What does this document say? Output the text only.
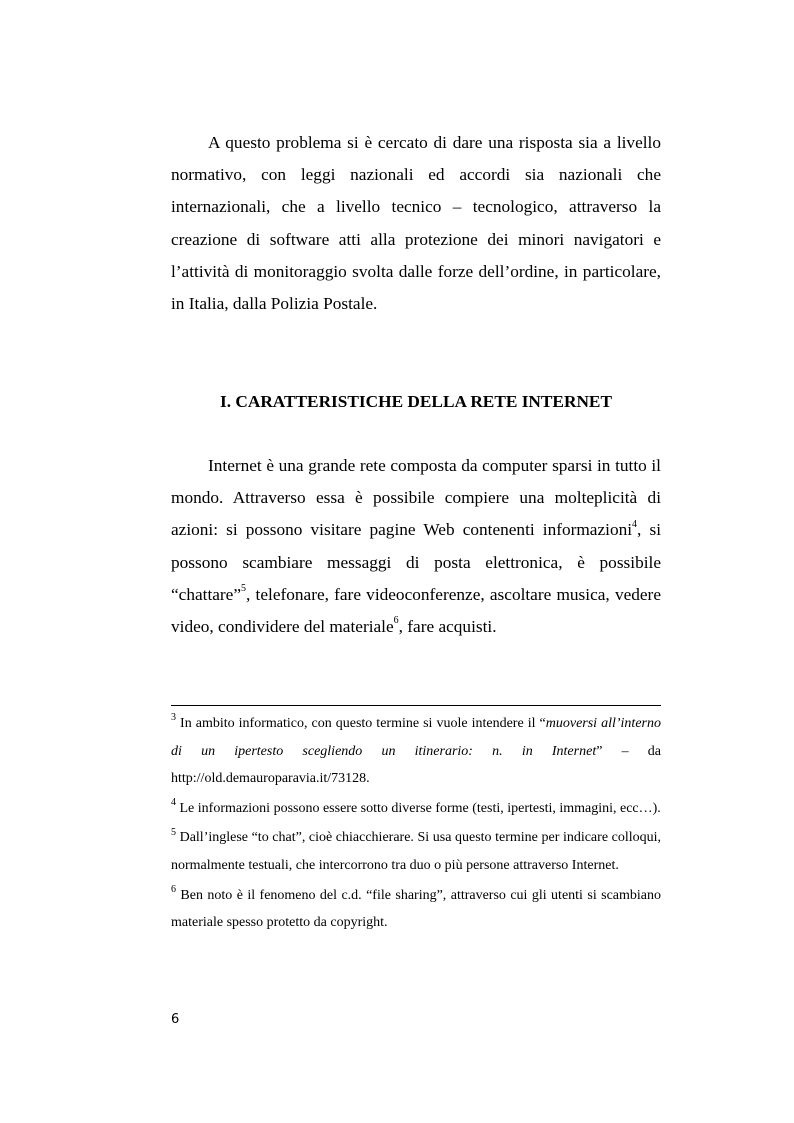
A questo problema si è cercato di dare una risposta sia a livello normativo, con leggi nazionali ed accordi sia nazionali che internazionali, che a livello tecnico – tecnologico, attraverso la creazione di software atti alla protezione dei minori navigatori e l’attività di monitoraggio svolta dalle forze dell’ordine, in particolare, in Italia, dalla Polizia Postale.

I. CARATTERISTICHE DELLA RETE INTERNET

Internet è una grande rete composta da computer sparsi in tutto il mondo. Attraverso essa è possibile compiere una molteplicità di azioni: si possono visitare pagine Web contenenti informazioni$^4$, si possono scambiare messaggi di posta elettronica, è possibile “chattare”$^5$, telefonare, fare videoconferenze, ascoltare musica, vedere video, condividere del materiale$^6$, fare acquisti.

$^3$ In ambito informatico, con questo termine si vuole intendere il “muoversi all’interno di un ipertesto scegliendo un itinerario: n. in Internet” – da http://old.demauroparavia.it/73128.

$^4$ Le informazioni possono essere sotto diverse forme (testi, ipertesti, immagini, ecc…).

$^5$ Dall’inglese “to chat”, cioè chiacchierare. Si usa questo termine per indicare colloqui, normalmente testuali, che intercorrono tra duo o più persone attraverso Internet.

$^6$ Ben noto è il fenomeno del c.d. “file sharing”, attraverso cui gli utenti si scambiano materiale spesso protetto da copyright.

6
